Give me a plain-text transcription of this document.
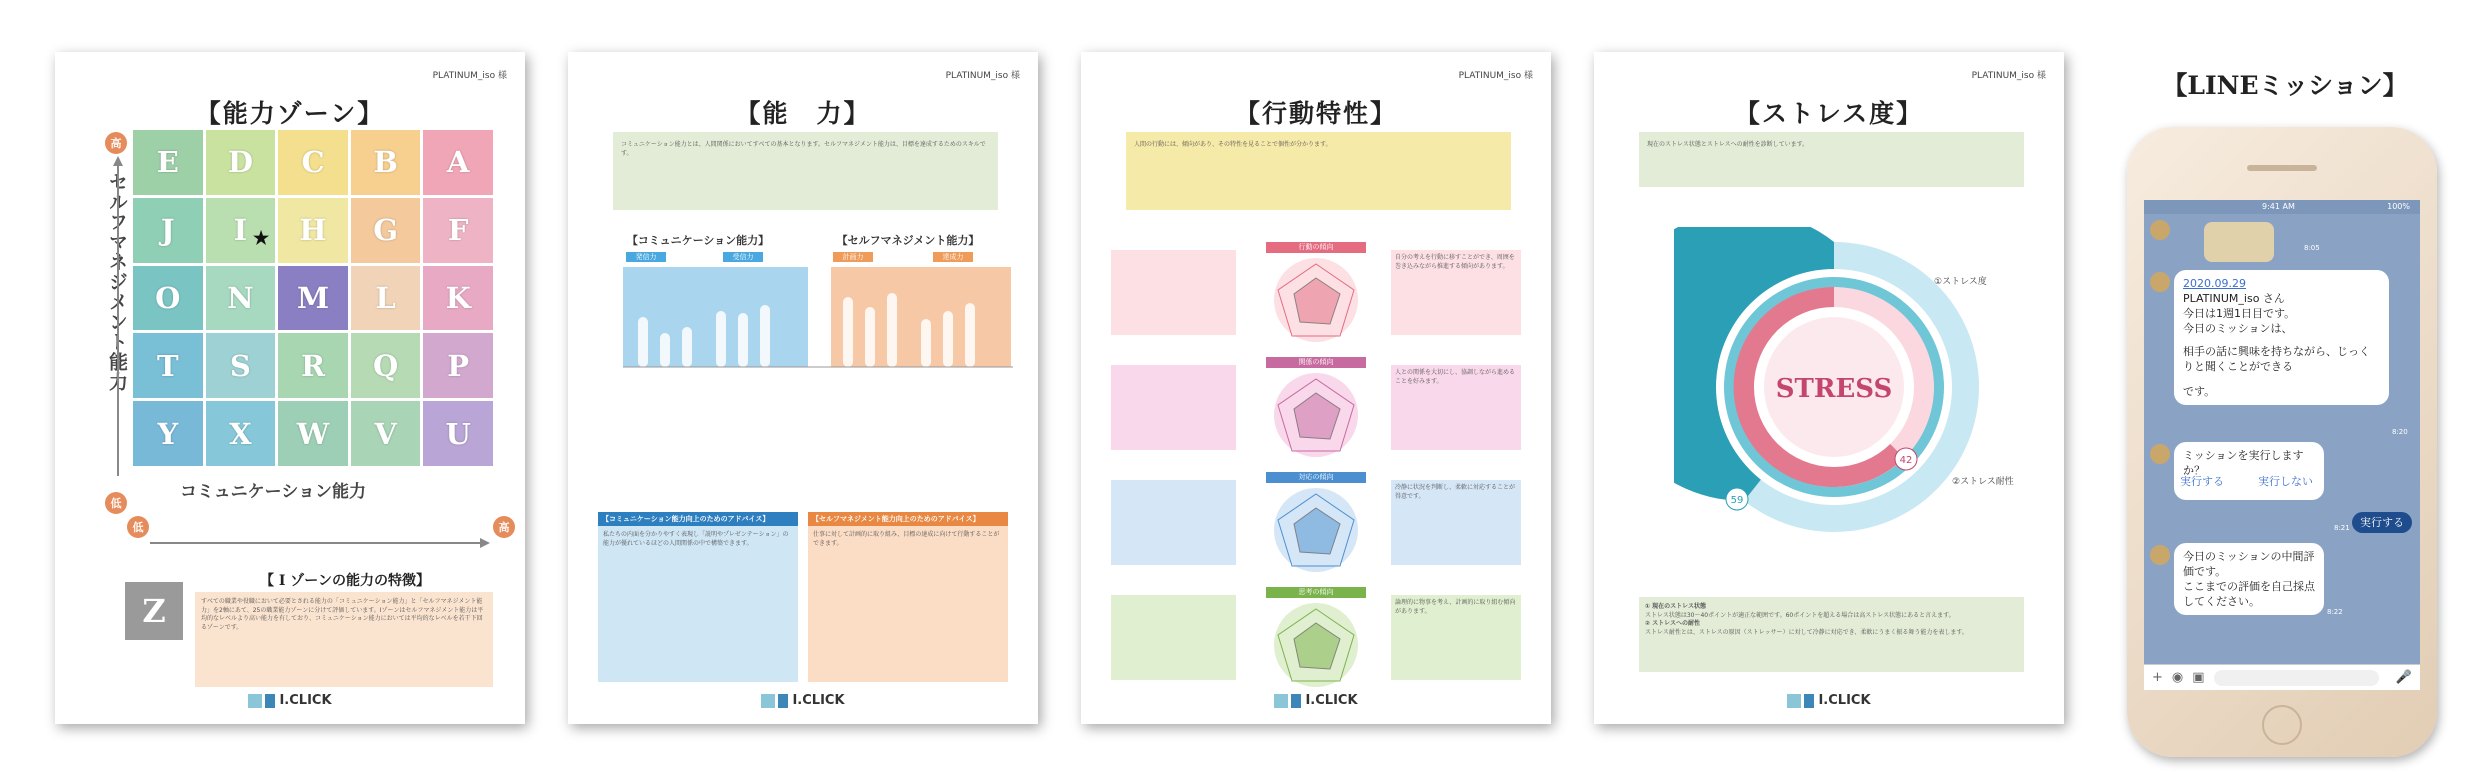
PLATINUM_iso 様
【能力ゾーン】
高
セルフマネジメント能力
低
低
コミュニケーション能力
高
E	D	C	B	A
J	I ★	H	G	F
O	N	M	L	K
T	S	R	Q	P
Y	X	W	V	U
Z
【 I ゾーンの能力の特徴】
すべての職業や役職において必要とされる能力の「コミュニケーション能力」と「セルフマネジメント能力」を2軸にあて、25の職業能力ゾーンに分けて評価しています。Iゾーンはセルフマネジメント能力は平均的なレベルより高い能力を有しており、コミュニケーション能力においては平均的なレベルを若干下回るゾーンです。
I.CLICK
PLATINUM_iso 様
【能　力】
コミュニケーション能力とは、人間関係においてすべての基本となります。セルフマネジメント能力は、目標を達成するためのスキルです。
【コミュニケーション能力】	【セルフマネジメント能力】
発信力	受信力	計画力	達成力
【コミュニケーション能力向上のためのアドバイス】
私たちの内面を分かりやすく表現し「説明やプレゼンテーション」の能力が優れているほどの人間関係の中で構築できます。
【セルフマネジメント能力向上のためのアドバイス】
仕事に対して計画的に取り組み、目標の達成に向けて行動することができます。
I.CLICK
PLATINUM_iso 様
【行動特性】
人間の行動には、傾向があり、その特性を見ることで個性が分かります。
行動の傾向
自分の考えを行動に移すことができ、周囲を巻き込みながら推進する傾向があります。
関係の傾向
人との関係を大切にし、協調しながら進めることを好みます。
対応の傾向
冷静に状況を判断し、柔軟に対応することが得意です。
思考の傾向
論理的に物事を考え、計画的に取り組む傾向があります。
I.CLICK
PLATINUM_iso 様
【ストレス度】
現在のストレス状態とストレスへの耐性を診断しています。
STRESS
59
42
①ストレス度
②ストレス耐性
① 現在のストレス状態
ストレス状態は30〜40ポイントが適正な範囲です。60ポイントを超える場合は高ストレス状態にあると言えます。
② ストレスへの耐性
ストレス耐性とは、ストレスの原因（ストレッサー）に対して冷静に対応でき、柔軟にうまく振る舞う能力を表します。
I.CLICK
【LINEミッション】
9:41 AM	100%
8:05
2020.09.29
PLATINUM_iso さん
今日は1週1日目です。
今日のミッションは、
相手の話に興味を持ちながら、じっくりと聞くことができる
です。
8:20
ミッションを実行しますか？
実行する	実行しない
実行する
8:21
今日のミッションの中間評価です。
ここまでの評価を自己採点してください。
8:22
+ ◉ ▣	🎤
